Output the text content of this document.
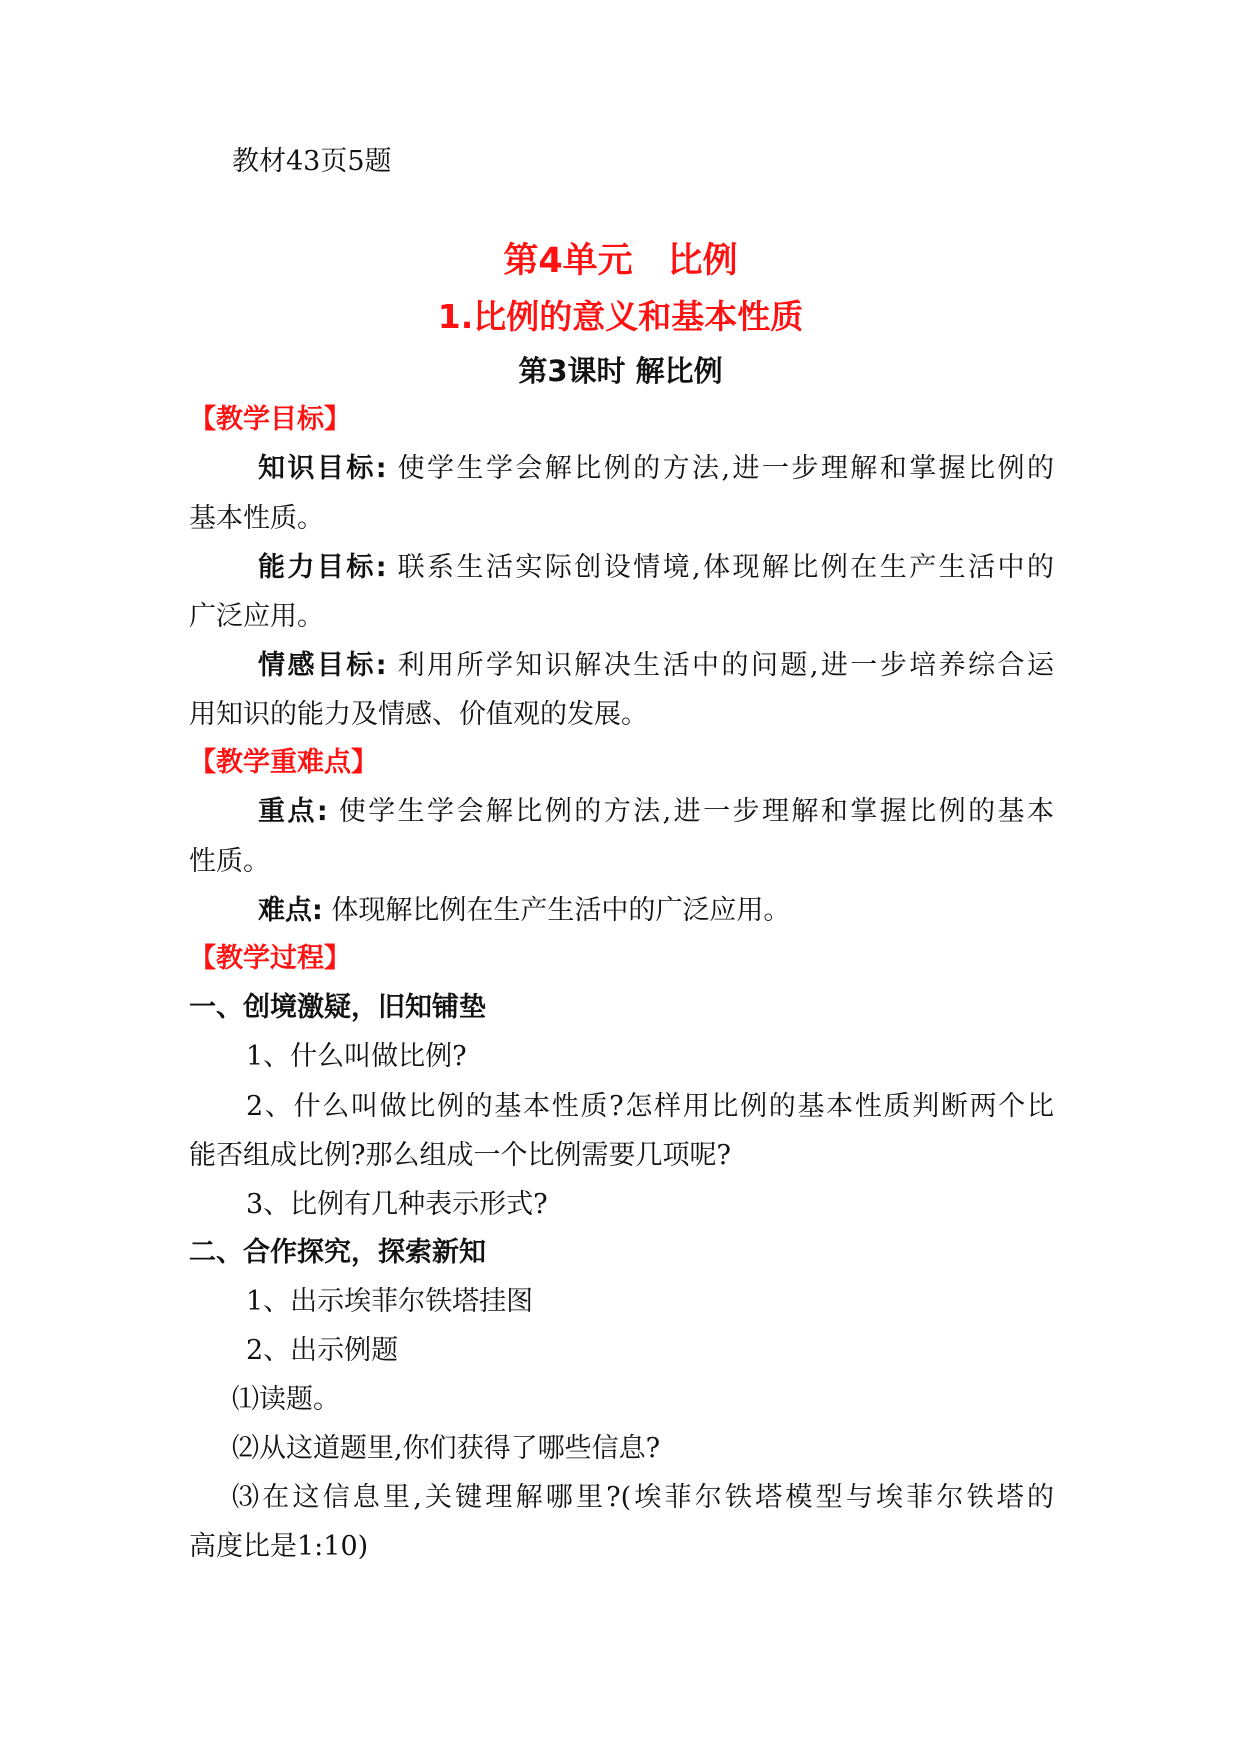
教材43页5题
第4单元　比例
1.比例的意义和基本性质
第3课时 解比例
【教学目标】
知识目标: 使学生学会解比例的方法,进一步理解和掌握比例的
基本性质。
能力目标: 联系生活实际创设情境,体现解比例在生产生活中的
广泛应用。
情感目标: 利用所学知识解决生活中的问题,进一步培养综合运
用知识的能力及情感、价值观的发展。
【教学重难点】
重点: 使学生学会解比例的方法,进一步理解和掌握比例的基本
性质。
难点: 体现解比例在生产生活中的广泛应用。
【教学过程】
一、创境激疑，旧知铺垫
1、什么叫做比例?
2、什么叫做比例的基本性质?怎样用比例的基本性质判断两个比
能否组成比例?那么组成一个比例需要几项呢?
3、比例有几种表示形式?
二、合作探究，探索新知
1、出示埃菲尔铁塔挂图
2、出示例题
⑴读题。
⑵从这道题里,你们获得了哪些信息?
⑶在这信息里,关键理解哪里?(埃菲尔铁塔模型与埃菲尔铁塔的
高度比是1:10)
